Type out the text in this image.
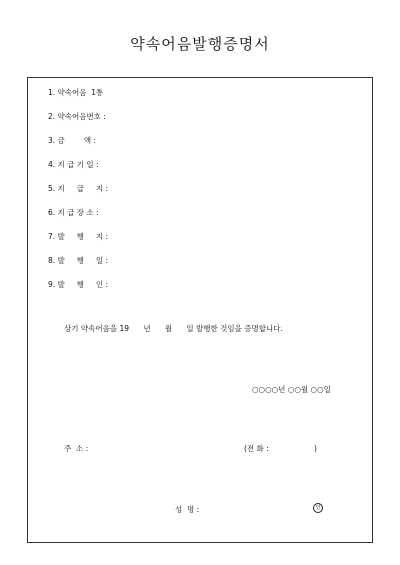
약속어음발행증명서
1. 약속어음  1통
2. 약속어음번호 :
3. 금        액 :
4. 지 급 기 일 :
5. 지     급     지 :
6. 지 급 장 소 :
7. 발     행     지 :
8. 발     행     일 :
9. 발     행     인 :
상기 약속어음을 19      년      월      일 발행한 것임을 증명합니다.
○○○○년 ○○월 ○○일
주  소 :	(전 화 :                   )
성  명 :	인
